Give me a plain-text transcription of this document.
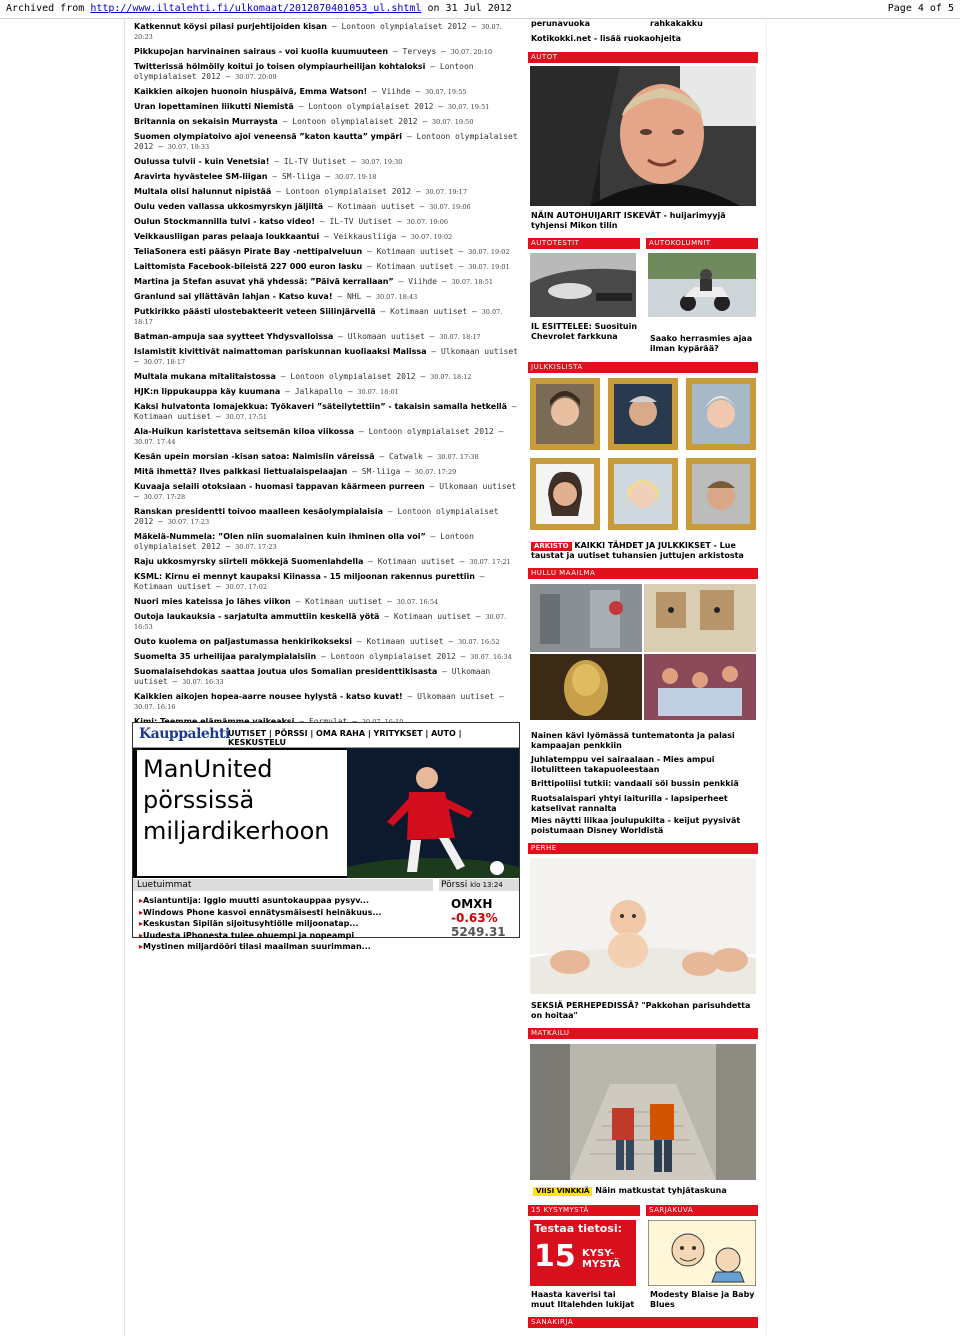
Archived from http://www.iltalehti.fi/ulkomaat/2012070401053_ul.shtml on 31 Jul 2012	Page 4 of 5
Katkennut köysi pilasi purjehtijoiden kisan – Lontoon olympialaiset 2012 – 30.07. 20:23
Pikkupojan harvinainen sairaus - voi kuolla kuumuuteen – Terveys – 30.07. 20:10
Twitterissä hölmöily koitui jo toisen olympiaurheilijan kohtaloksi – Lontoon olympialaiset 2012 – 30.07. 20:09
Kaikkien aikojen huonoin hiuspäivä, Emma Watson! – Viihde – 30.07. 19:55
Uran lopettaminen liikutti Niemistä – Lontoon olympialaiset 2012 – 30.07. 19:51
Britannia on sekaisin Murraysta – Lontoon olympialaiset 2012 – 30.07. 19:50
Suomen olympiatoivo ajoi veneensä ”katon kautta” ympäri – Lontoon olympialaiset 2012 – 30.07. 19:33
Oulussa tulvii - kuin Venetsia! – IL-TV Uutiset – 30.07. 19:30
Aravirta hyvästelee SM-liigan – SM-liiga – 30.07. 19:18
Multala olisi halunnut nipistää – Lontoon olympialaiset 2012 – 30.07. 19:17
Oulu veden vallassa ukkosmyrskyn jäljiltä – Kotimaan uutiset – 30.07. 19:06
Oulun Stockmannilla tulvi - katso video! – IL-TV Uutiset – 30.07. 19:06
Veikkausliigan paras pelaaja loukkaantui – Veikkausliiga – 30.07. 19:02
TeliaSonera esti pääsyn Pirate Bay -nettipalveluun – Kotimaan uutiset – 30.07. 19:02
Laittomista Facebook-bileistä 227 000 euron lasku – Kotimaan uutiset – 30.07. 19:01
Martina ja Stefan asuvat yhä yhdessä: ”Päivä kerrallaan” – Viihde – 30.07. 18:51
Granlund sai yllättävän lahjan - Katso kuva! – NHL – 30.07. 18:43
Putkirikko päästi ulostebakteerit veteen Siilinjärvellä – Kotimaan uutiset – 30.07. 18:17
Batman-ampuja saa syytteet Yhdysvalloissa – Ulkomaan uutiset – 30.07. 18:17
Islamistit kivittivät naimattoman pariskunnan kuoliaaksi Malissa – Ulkomaan uutiset – 30.07. 18:17
Multala mukana mitalitaistossa – Lontoon olympialaiset 2012 – 30.07. 18:12
HJK:n lippukauppa käy kuumana – Jalkapallo – 30.07. 18:01
Kaksi hulvatonta lomajekkua: Työkaveri ”säteilytettiin” - takaisin samalla hetkellä – Kotimaan uutiset – 30.07. 17:51
Ala-Huikun karistettava seitsemän kiloa viikossa – Lontoon olympialaiset 2012 – 30.07. 17:44
Kesän upein morsian -kisan satoa: Naimisiin väreissä – Catwalk – 30.07. 17:38
Mitä ihmettä? Ilves palkkasi liettualaispelaajan – SM-liiga – 30.07. 17:29
Kuvaaja selaili otoksiaan - huomasi tappavan käärmeen purreen – Ulkomaan uutiset – 30.07. 17:28
Ranskan presidentti toivoo maalleen kesäolympialaisia – Lontoon olympialaiset 2012 – 30.07. 17:23
Mäkelä-Nummela: ”Olen niin suomalainen kuin ihminen olla voi” – Lontoon olympialaiset 2012 – 30.07. 17:23
Raju ukkosmyrsky siirteli mökkejä Suomenlahdella – Kotimaan uutiset – 30.07. 17:21
KSML: Kirnu ei mennyt kaupaksi Kiinassa - 15 miljoonan rakennus purettiin – Kotimaan uutiset – 30.07. 17:02
Nuori mies kateissa jo lähes viikon – Kotimaan uutiset – 30.07. 16:54
Outoja laukauksia - sarjatulta ammuttiin keskellä yötä – Kotimaan uutiset – 30.07. 16:53
Outo kuolema on paljastumassa henkirikokseksi – Kotimaan uutiset – 30.07. 16:52
Suomelta 35 urheilijaa paralympialaisiin – Lontoon olympialaiset 2012 – 30.07. 16:34
Suomalaisehdokas saattaa joutua ulos Somalian presidenttikisasta – Ulkomaan uutiset – 30.07. 16:33
Kaikkien aikojen hopea-aarre nousee hylystä - katso kuvat! – Ulkomaan uutiset – 30.07. 16:16
Kauppalehti
UUTISET | PÖRSSI | OMA RAHA | YRITYKSET | AUTO | KESKUSTELU
ManUnited
pörssissä
miljardikerhoon
Luetuimmat	Pörssi klo 13:24
▸ Asiantuntija: Igglo muutti asuntokauppaa pysyv...
▸ Windows Phone kasvoi ennätysmäisesti heinäkuus...
▸ Keskustan Sipilän sijoitusyhtiölle miljoonatap...
▸ Uudesta iPhonesta tulee ohuempi ja nopeampi
▸ Mystinen miljardööri tilasi maailman suurimman...
OMXH
-0.63%
5249.31
perunavuoka	rahkakakku
Kotikokki.net - lisää ruokaohjeita
AUTOT
NÄIN AUTOHUIJARIT ISKEVÄT - huijarimyyjä tyhjensi Mikon tilin
AUTOTESTIT	AUTOKOLUMNIT
IL ESITTELEE: Suosituin Chevrolet farkkuna	Saako herrasmies ajaa ilman kypärää?
JULKKISLISTA
ARKISTO KAIKKI TÄHDET JA JULKKIKSET - Lue taustat ja uutiset tuhansien juttujen arkistosta
HULLU MAAILMA
Nainen kävi lyömässä tuntematonta ja palasi kampaajan penkkiin
Juhlatemppu vei sairaalaan - Mies ampui ilotulitteen takapuoleestaan
Brittipoliisi tutkii: vandaali söi bussin penkkiä
Ruotsalaispari yhtyi laiturilla - lapsiperheet katselivat rannalta
Mies näytti liikaa joulupukilta - keijut pyysivät poistumaan Disney Worldistä
PERHE
SEKSIÄ PERHEPEDISSÄ? "Pakkohan parisuhdetta on hoitaa"
MATKAILU
VIISI VINKKIÄ Näin matkustat tyhjätaskuna
15 KYSYMYSTÄ	SARJAKUVA
Testaa tietosi:
15 KYSY-MYSTÄ
Haasta kaverisi tai muut Iltalehden lukijat
Modesty Blaise ja Baby Blues
SANAKIRJA
